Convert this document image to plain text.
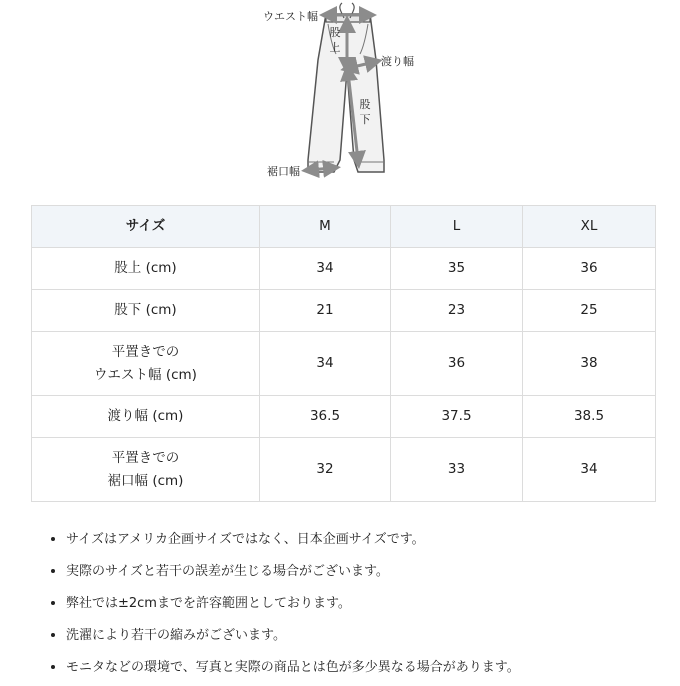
ウエスト幅
股
上
渡り幅
股
下
裾口幅
サイズ	M	L	XL
股上 (cm)	34	35	36
股下 (cm)	21	23	25
平置きでの
ウエスト幅 (cm)	34	36	38
渡り幅 (cm)	36.5	37.5	38.5
平置きでの
裾口幅 (cm)	32	33	34
• サイズはアメリカ企画サイズではなく、日本企画サイズです。
• 実際のサイズと若干の誤差が生じる場合がございます。
• 弊社では±2cmまでを許容範囲としております。
• 洗濯により若干の縮みがございます。
• モニタなどの環境で、写真と実際の商品とは色が多少異なる場合があります。
